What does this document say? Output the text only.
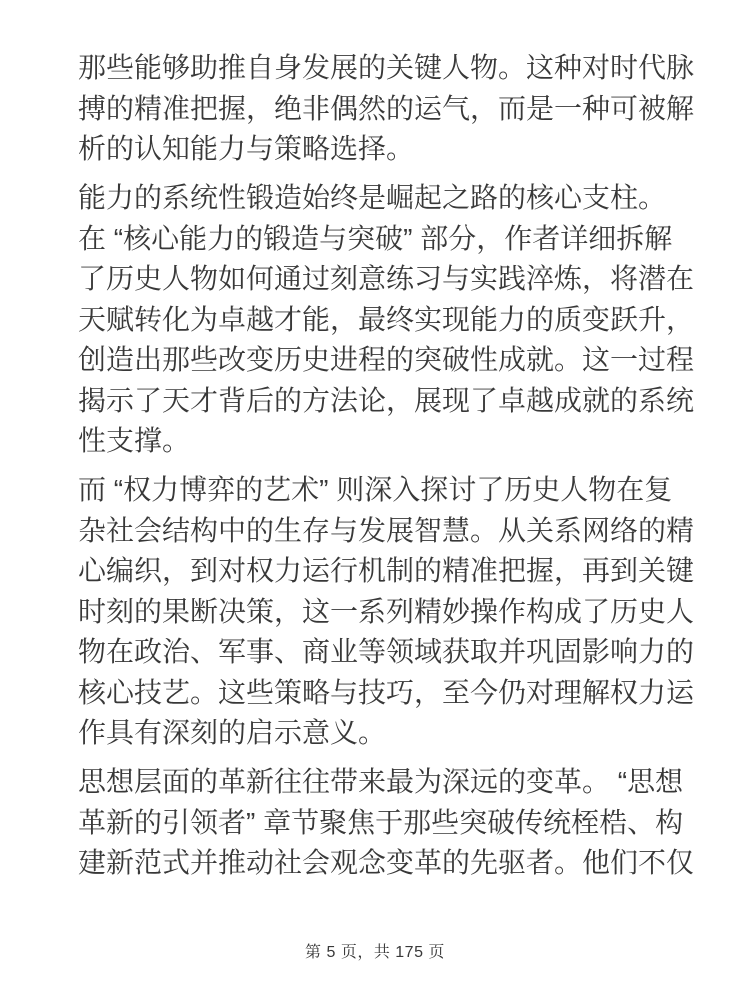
那些能够助推自身发展的关键人物。这种对时代脉
搏的精准把握，绝非偶然的运气，而是一种可被解
析的认知能力与策略选择。

能力的系统性锻造始终是崛起之路的核心支柱。
在 “核心能力的锻造与突破” 部分，作者详细拆解
了历史人物如何通过刻意练习与实践淬炼，将潜在
天赋转化为卓越才能，最终实现能力的质变跃升，
创造出那些改变历史进程的突破性成就。这一过程
揭示了天才背后的方法论，展现了卓越成就的系统
性支撑。

而 “权力博弈的艺术” 则深入探讨了历史人物在复
杂社会结构中的生存与发展智慧。从关系网络的精
心编织，到对权力运行机制的精准把握，再到关键
时刻的果断决策，这一系列精妙操作构成了历史人
物在政治、军事、商业等领域获取并巩固影响力的
核心技艺。这些策略与技巧，至今仍对理解权力运
作具有深刻的启示意义。

思想层面的革新往往带来最为深远的变革。 “思想
革新的引领者” 章节聚焦于那些突破传统桎梏、构
建新范式并推动社会观念变革的先驱者。他们不仅

第 5 页，共 175 页
